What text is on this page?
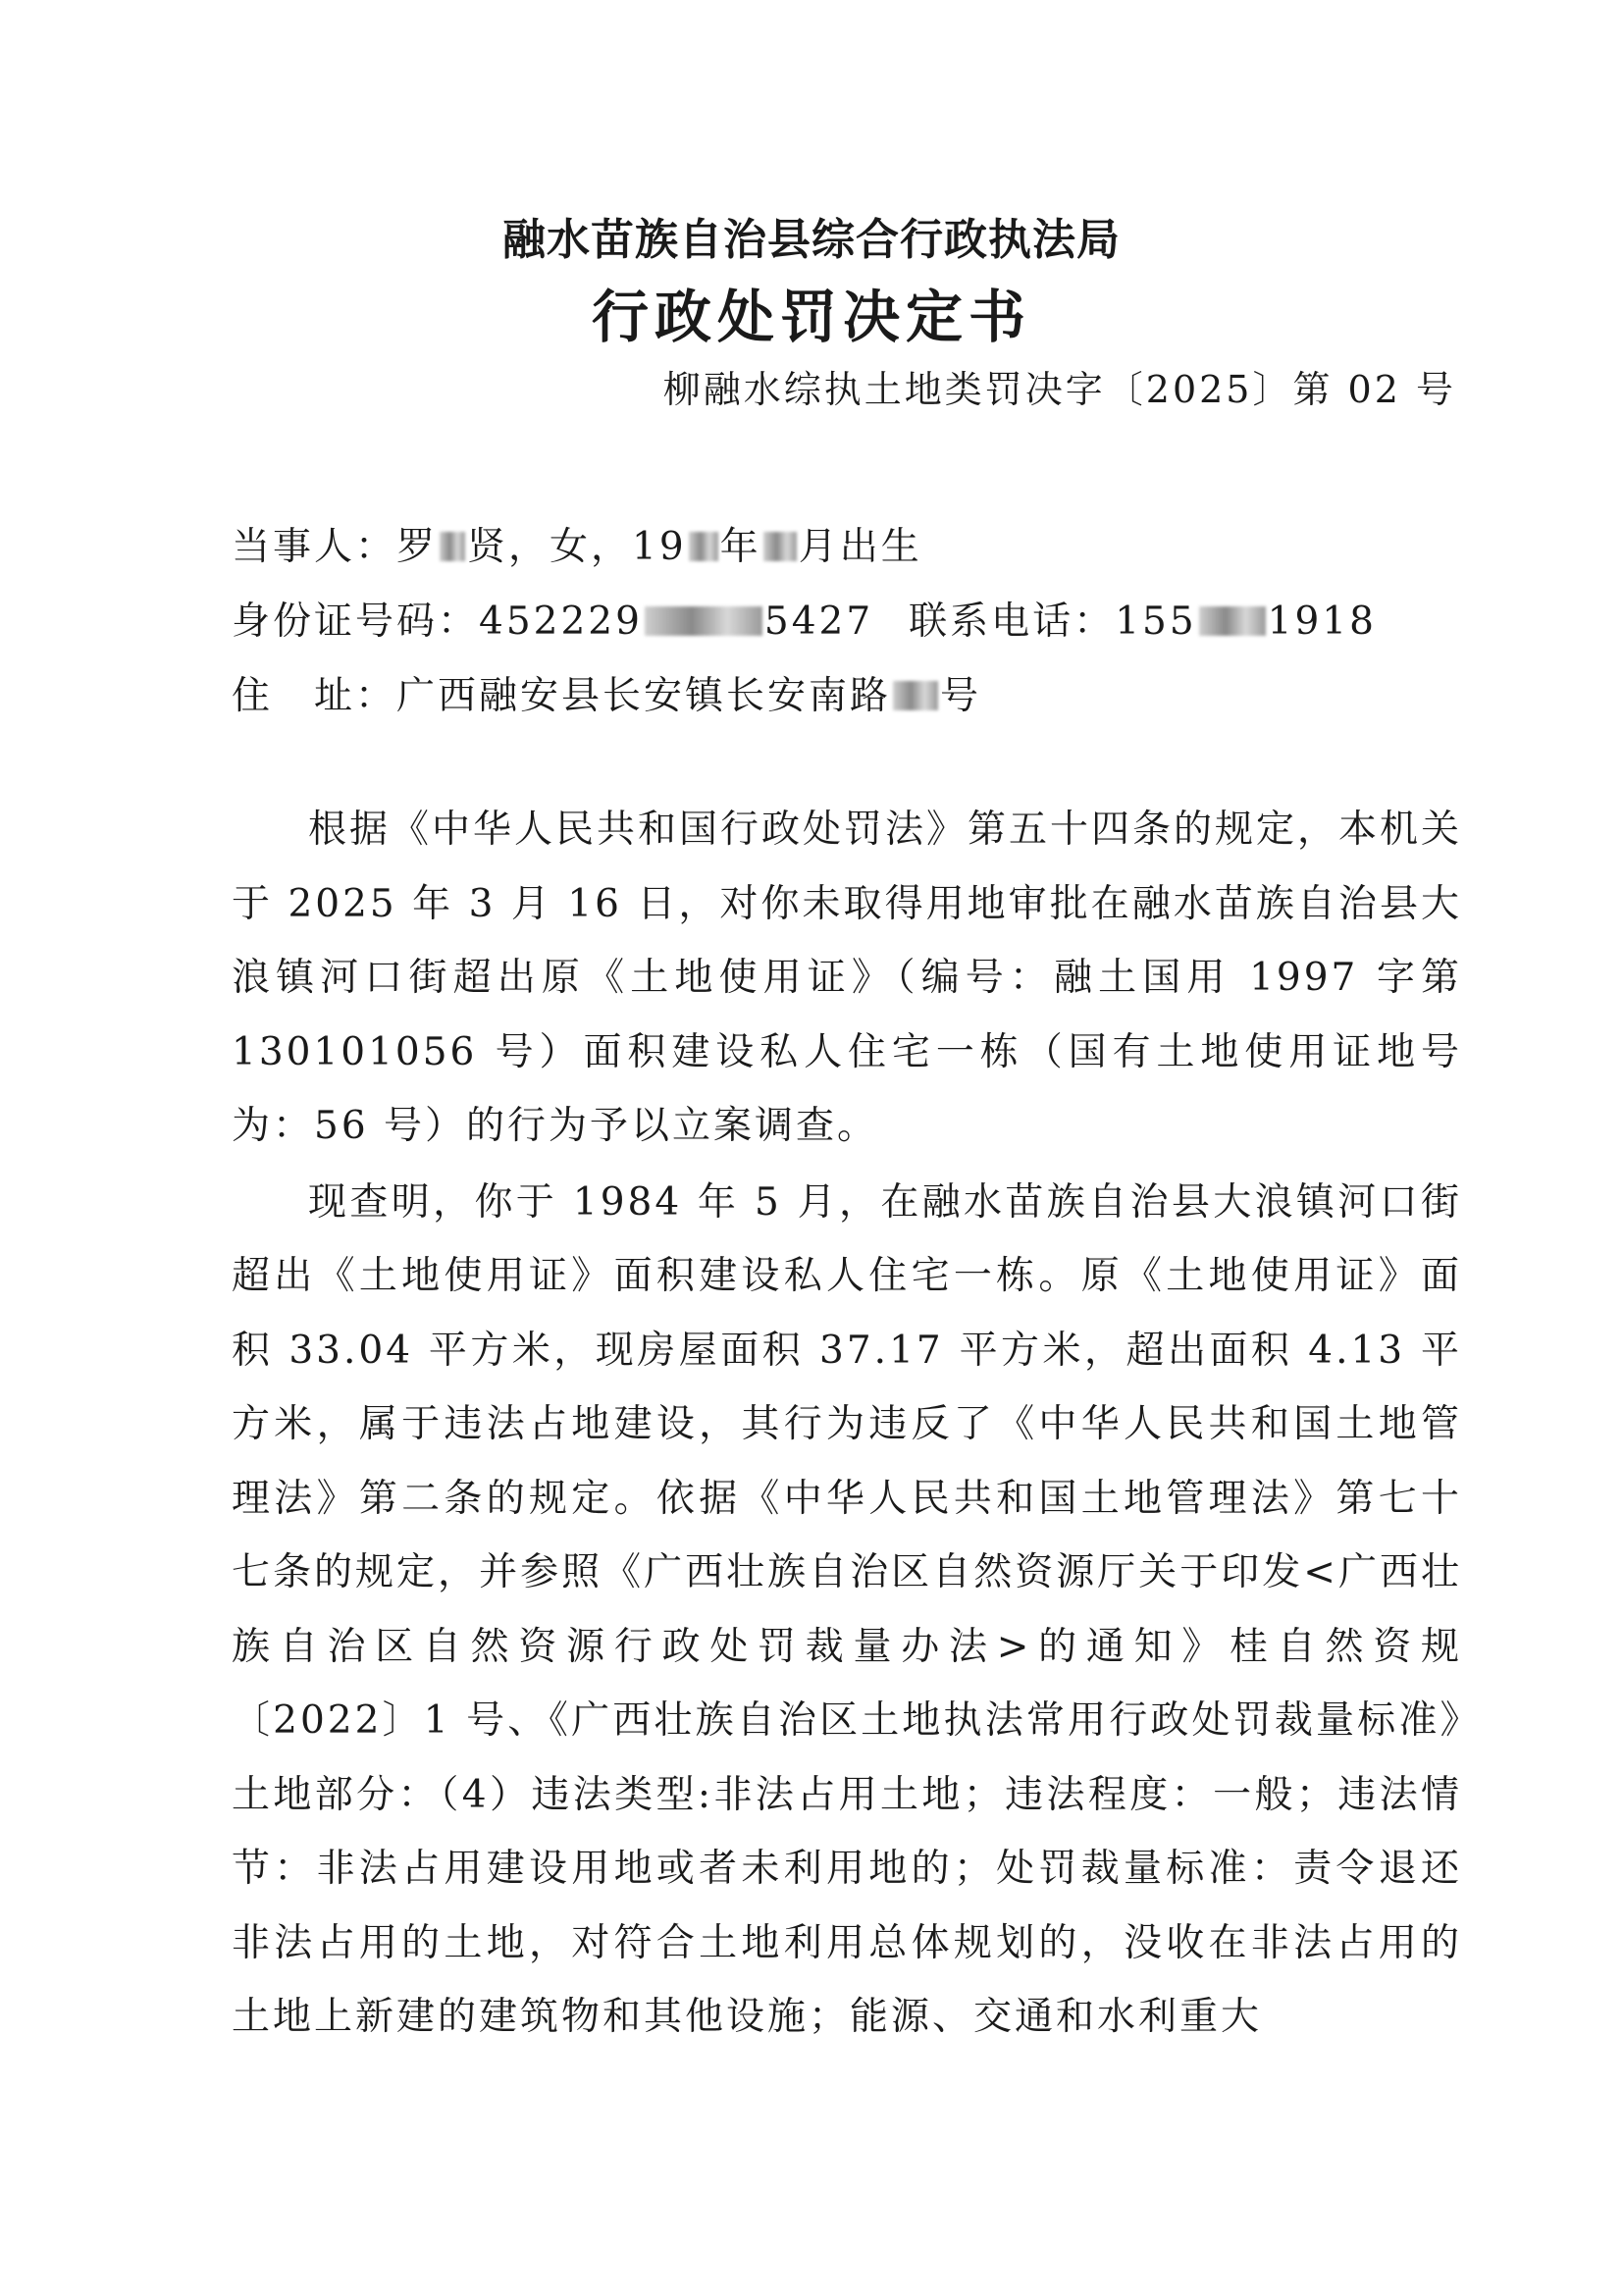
融水苗族自治县综合行政执法局
行政处罚决定书
柳融水综执土地类罚决字〔2025〕第 02 号
当事人：罗 贤，女，19 年 月出生
身份证号码：452229	5427 联系电话：155 1918
住　址：广西融安县长安镇长安南路 号

根据《中华人民共和国行政处罚法》第五十四条的规定，本机关于 2025 年 3 月 16 日，对你未取得用地审批在融水苗族自治县大浪镇河口街超出原《土地使用证》（编号：融土国用 1997 字第 130101056 号）面积建设私人住宅一栋（国有土地使用证地号为：56 号）的行为予以立案调查。

现查明，你于 1984 年 5 月，在融水苗族自治县大浪镇河口街超出《土地使用证》面积建设私人住宅一栋。原《土地使用证》面积 33.04 平方米，现房屋面积 37.17 平方米，超出面积 4.13 平方米，属于违法占地建设，其行为违反了《中华人民共和国土地管理法》第二条的规定。依据《中华人民共和国土地管理法》第七十七条的规定，并参照《广西壮族自治区自然资源厅关于印发<广西壮族自治区自然资源行政处罚裁量办法>的通知》桂自然资规〔2022〕1 号、《广西壮族自治区土地执法常用行政处罚裁量标准》土地部分：（4）违法类型:非法占用土地；违法程度：一般；违法情节：非法占用建设用地或者未利用地的；处罚裁量标准：责令退还非法占用的土地，对符合土地利用总体规划的，没收在非法占用的土地上新建的建筑物和其他设施；能源、交通和水利重大
